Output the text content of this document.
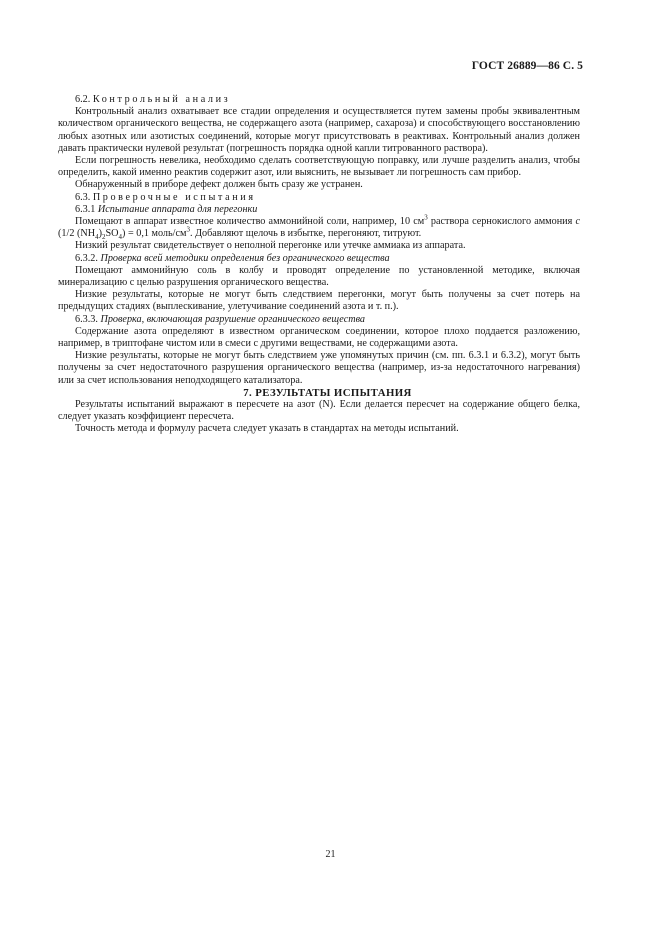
ГОСТ 26889—86 С. 5

6.2. Контрольный анализ

Контрольный анализ охватывает все стадии определения и осуществляется путем замены пробы эквивалентным количеством органического вещества, не содержащего азота (например, сахароза) и способствующего восстановлению любых азотных или азотистых соединений, которые могут присутствовать в реактивах. Контрольный анализ должен давать практически нулевой результат (погрешность порядка одной капли титрованного раствора).

Если погрешность невелика, необходимо сделать соответствующую поправку, или лучше разделить анализ, чтобы определить, какой именно реактив содержит азот, или выяснить, не вызывает ли погрешность сам прибор.

Обнаруженный в приборе дефект должен быть сразу же устранен.

6.3. Проверочные испытания

6.3.1 Испытание аппарата для перегонки

Помещают в аппарат известное количество аммонийной соли, например, 10 $см^3$ раствора сернокислого аммония c (1/2 $(NH_4)_2SO_4) = 0,1$ моль/$см^3$. Добавляют щелочь в избытке, перегоняют, титруют.

Низкий результат свидетельствует о неполной перегонке или утечке аммиака из аппарата.

6.3.2. Проверка всей методики определения без органического вещества

Помещают аммонийную соль в колбу и проводят определение по установленной методике, включая минерализацию с целью разрушения органического вещества.

Низкие результаты, которые не могут быть следствием перегонки, могут быть получены за счет потерь на предыдущих стадиях (выплескивание, улетучивание соединений азота и т. п.).

6.3.3. Проверка, включающая разрушение органического вещества

Содержание азота определяют в известном органическом соединении, которое плохо поддается разложению, например, в триптофане чистом или в смеси с другими веществами, не содержащими азота.

Низкие результаты, которые не могут быть следствием уже упомянутых причин (см. пп. 6.3.1 и 6.3.2), могут быть получены за счет недостаточного разрушения органического вещества (например, из-за недостаточного нагревания) или за счет использования неподходящего катализатора.

7. РЕЗУЛЬТАТЫ ИСПЫТАНИЯ

Результаты испытаний выражают в пересчете на азот (N). Если делается пересчет на содержание общего белка, следует указать коэффициент пересчета.

Точность метода и формулу расчета следует указать в стандартах на методы испытаний.

21
